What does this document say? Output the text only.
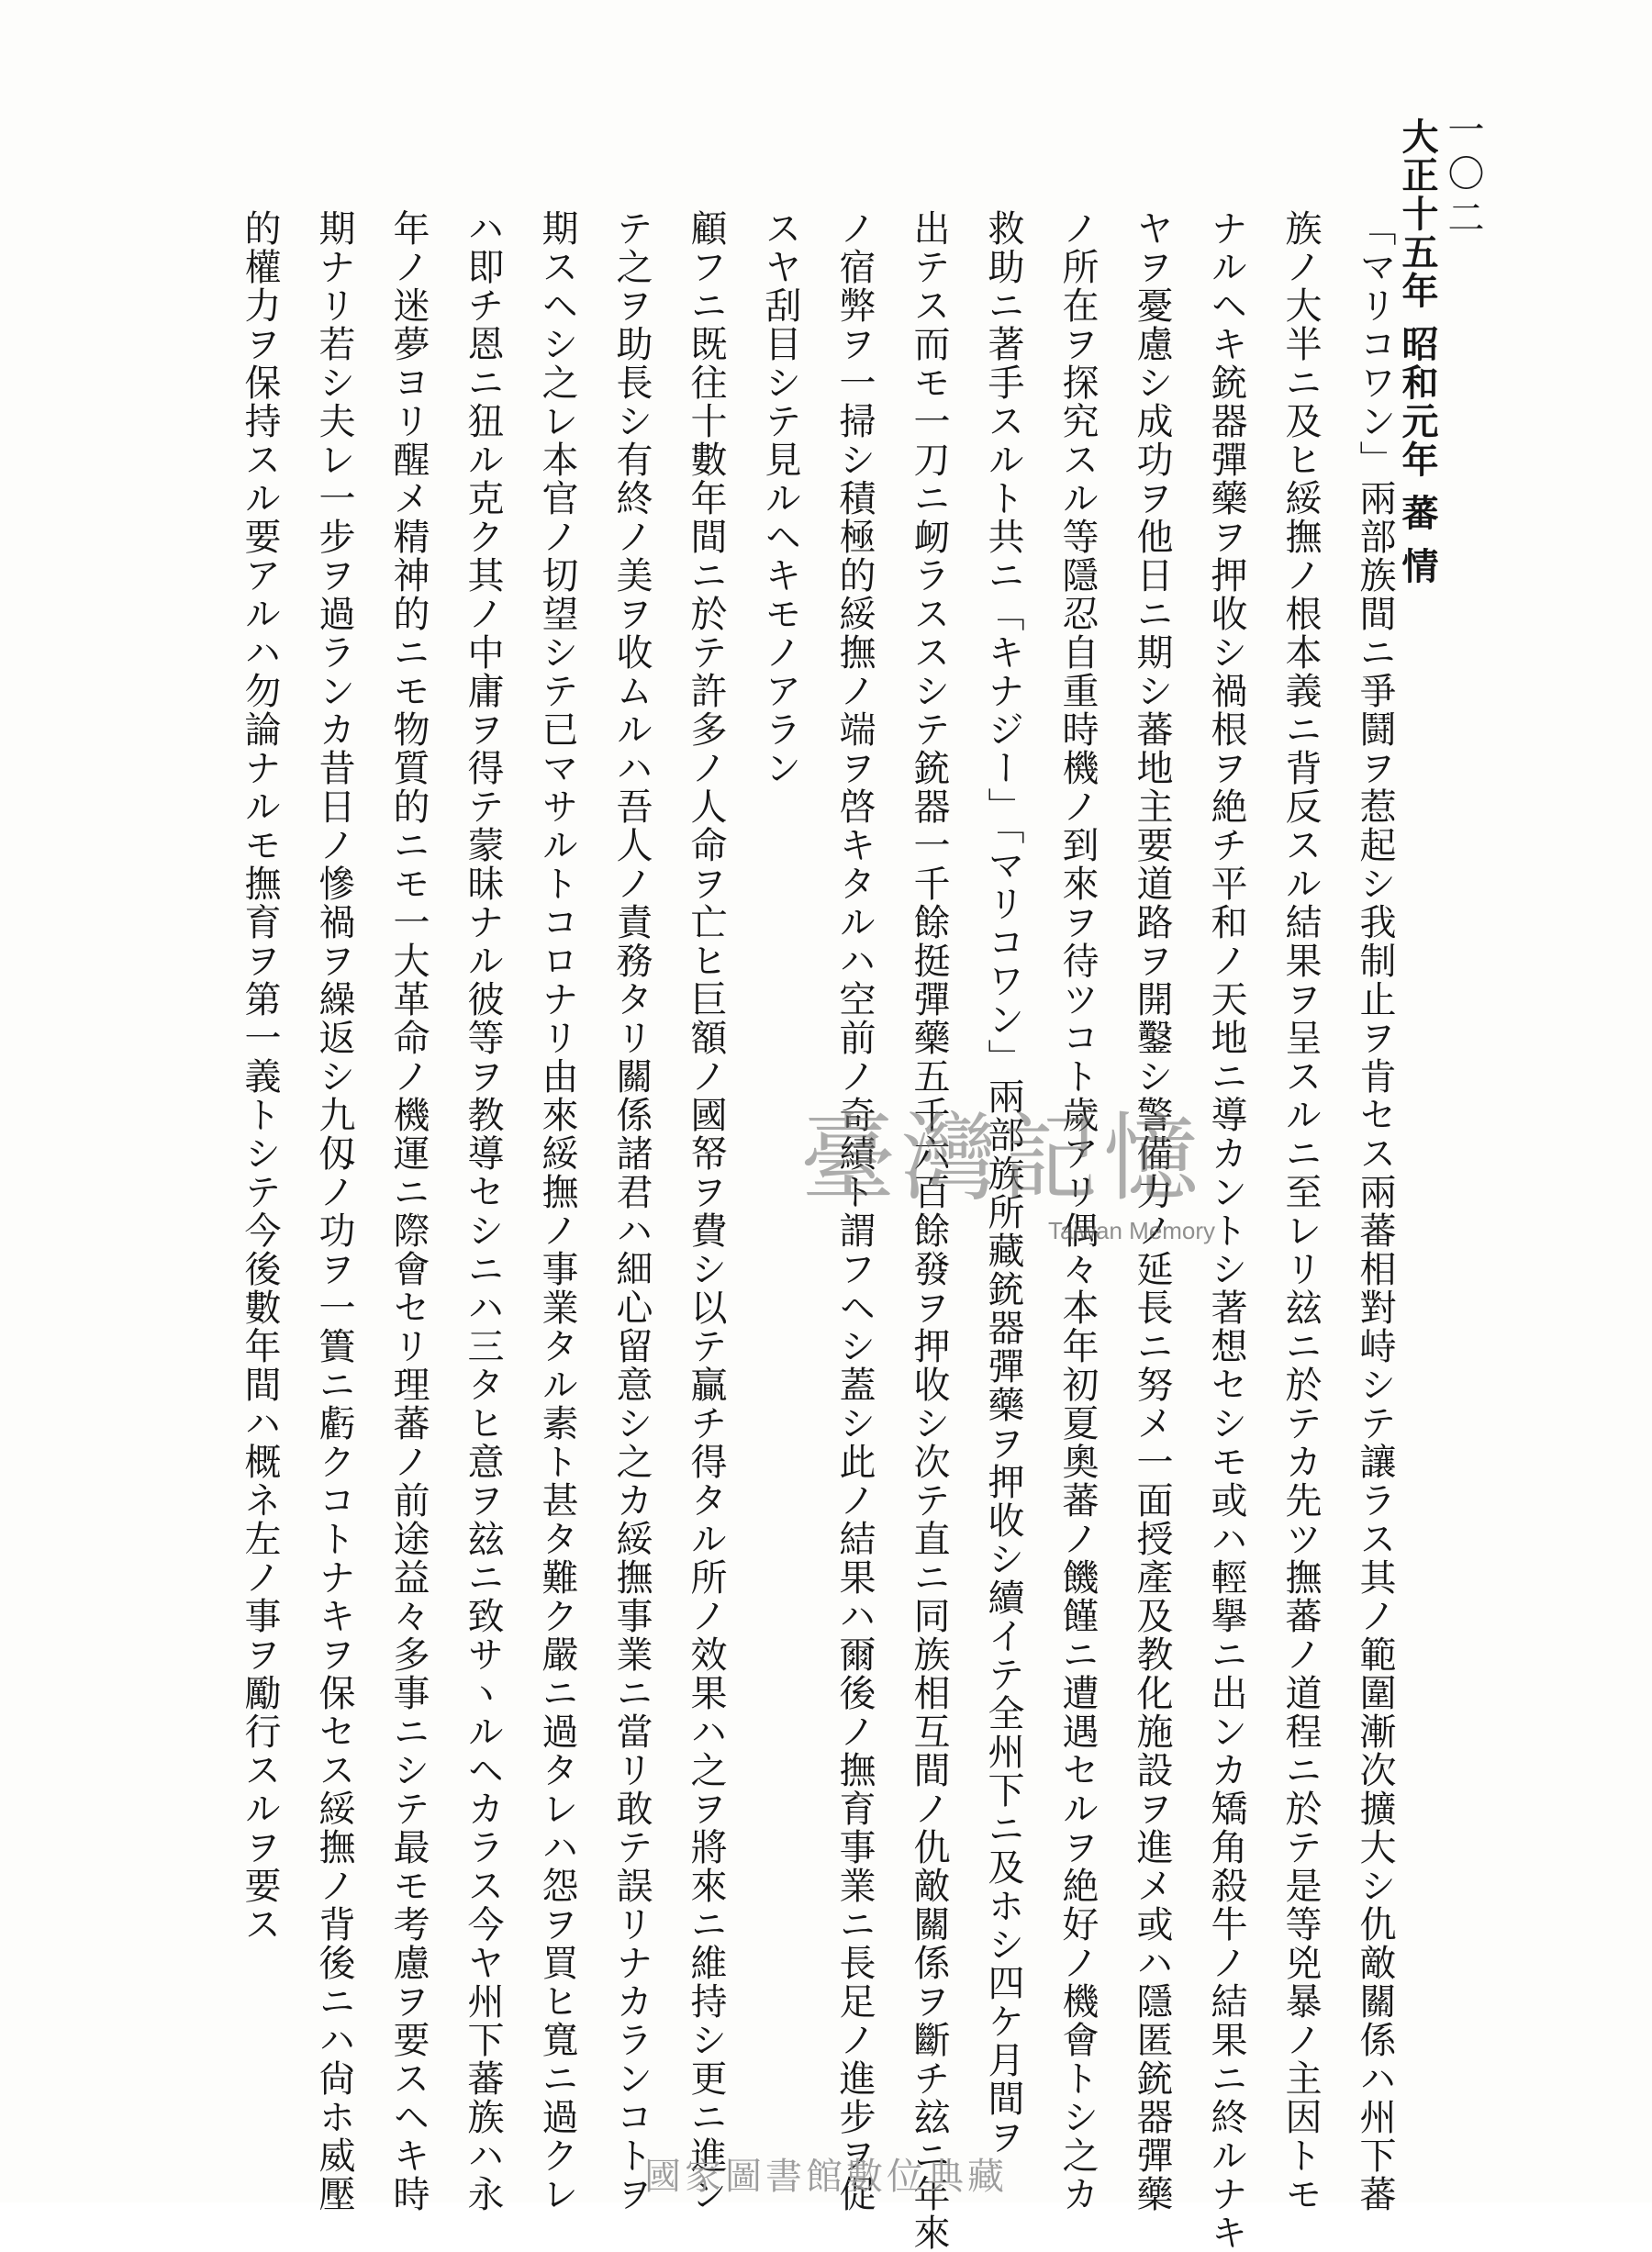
大正十五年 昭和元年 蕃 情 一〇二
「マリコワン」兩部族間ニ爭鬪ヲ惹起シ我制止ヲ肯セス兩蕃相對峙シテ讓ラス其ノ範圍漸次擴大シ仇敵關係ハ州下蕃
族ノ大半ニ及ヒ綏撫ノ根本義ニ背反スル結果ヲ呈スルニ至レリ玆ニ於テカ先ツ撫蕃ノ道程ニ於テ是等兇暴ノ主因トモ
ナルヘキ銃器彈藥ヲ押收シ禍根ヲ絶チ平和ノ天地ニ導カントシ著想セシモ或ハ輕擧ニ出ンカ矯角殺牛ノ結果ニ終ルナキ
ヤヲ憂慮シ成功ヲ他日ニ期シ蕃地主要道路ヲ開鑿シ警備力ノ延長ニ努メ一面授產及教化施設ヲ進メ或ハ隱匿銃器彈藥
ノ所在ヲ探究スル等隱忍自重時機ノ到來ヲ待ツコト歲アリ偶々本年初夏奧蕃ノ饑饉ニ遭遇セルヲ絶好ノ機會トシ之カ
救助ニ著手スルト共ニ「キナジー」「マリコワン」兩部族所藏銃器彈藥ヲ押收シ續イテ全州下ニ及ホシ四ケ月間ヲ
出テス而モ一刀ニ衂ラススシテ銃器一千餘挺彈藥五千六百餘發ヲ押收シ次テ直ニ同族相互間ノ仇敵關係ヲ斷チ玆ニ年來
ノ宿弊ヲ一掃シ積極的綏撫ノ端ヲ啓キタルハ空前ノ奇績ト謂フヘシ蓋シ此ノ結果ハ爾後ノ撫育事業ニ長足ノ進步ヲ促
スヤ刮目シテ見ルヘキモノアラン
顧フニ既往十數年間ニ於テ許多ノ人命ヲ亡ヒ巨額ノ國帑ヲ費シ以テ贏チ得タル所ノ效果ハ之ヲ將來ニ維持シ更ニ進ン
テ之ヲ助長シ有終ノ美ヲ收ムルハ吾人ノ責務タリ關係諸君ハ細心留意シ之カ綏撫事業ニ當リ敢テ誤リナカランコトヲ
期スヘシ之レ本官ノ切望シテ已マサルトコロナリ由來綏撫ノ事業タル素ト甚タ難ク嚴ニ過タレハ怨ヲ買ヒ寬ニ過クレ
ハ即チ恩ニ狃ル克ク其ノ中庸ヲ得テ蒙昧ナル彼等ヲ教導セシニハ三タヒ意ヲ玆ニ致サヽルヘカラス今ヤ州下蕃族ハ永
年ノ迷夢ヨリ醒メ精神的ニモ物質的ニモ一大革命ノ機運ニ際會セリ理蕃ノ前途益々多事ニシテ最モ考慮ヲ要スヘキ時
期ナリ若シ夫レ一步ヲ過ランカ昔日ノ慘禍ヲ繰返シ九仭ノ功ヲ一簣ニ虧クコトナキヲ保セス綏撫ノ背後ニハ尙ホ威壓
的權力ヲ保持スル要アルハ勿論ナルモ撫育ヲ第一義トシテ今後數年間ハ概ネ左ノ事ヲ勵行スルヲ要ス	臺灣記憶
Taiwan Memory
國家圖書館數位典藏
